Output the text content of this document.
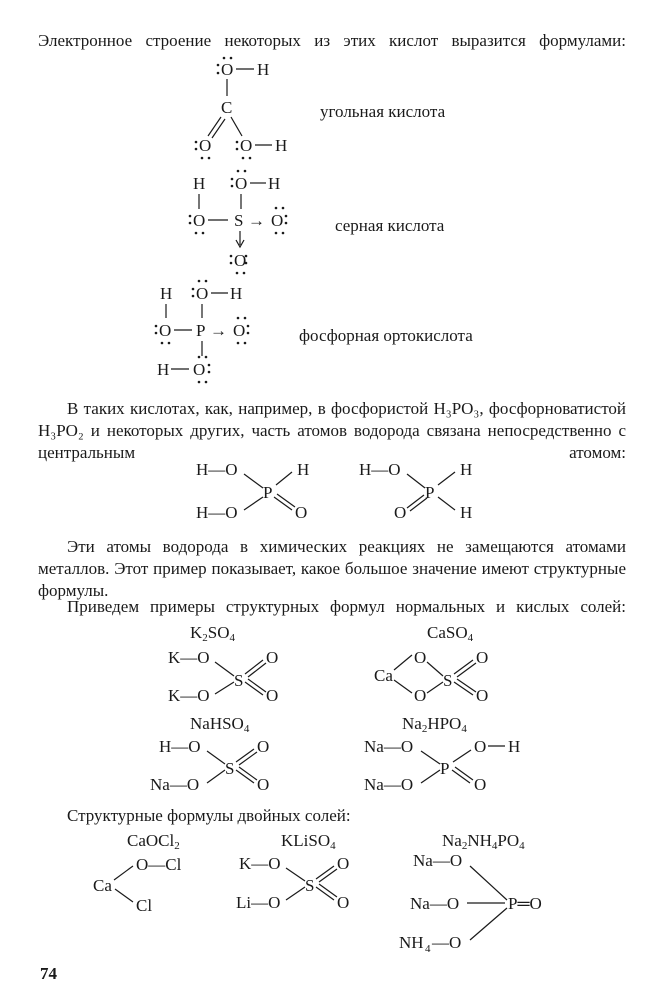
Электронное строение некоторых из этих кислот выразится формулами:
O H
C
O O H
угольная кислота
H O H
O S → O
O
серная кислота
H O H
O P → O
H O
фосфорная ортокислота
В таких кислотах, как, например, в фосфористой H₃PO₃, фосфорноватистой H₃PO₂ и некоторых других, часть атомов водорода связана непосредственно с центральным атомом:
H—O
P
H
H—O	O
H—O
P
H
O	H
Эти атомы водорода в химических реакциях не замещаются атомами металлов. Этот пример показывает, какое большое значение имеют структурные формулы.
Приведем примеры структурных формул нормальных и кислых солей:
$K_2SO_4$	CaSO$_4$
K—O
S
O
K—O	O
Ca
O
S
O
O
O
NaHSO$_4$	$Na_2HPO_4$
H—O
S
O
Na—O	O
Na—O
P
O H
Na—O	O
Структурные формулы двойных солей:
CaOCl$_2$	KLiSO$_4$	$Na_2NH_4PO_4$
O—Cl
Ca
Cl
K—O
S
O
Li—O	O
Na—O
Na—O	P═O
NH 4 —O
74
